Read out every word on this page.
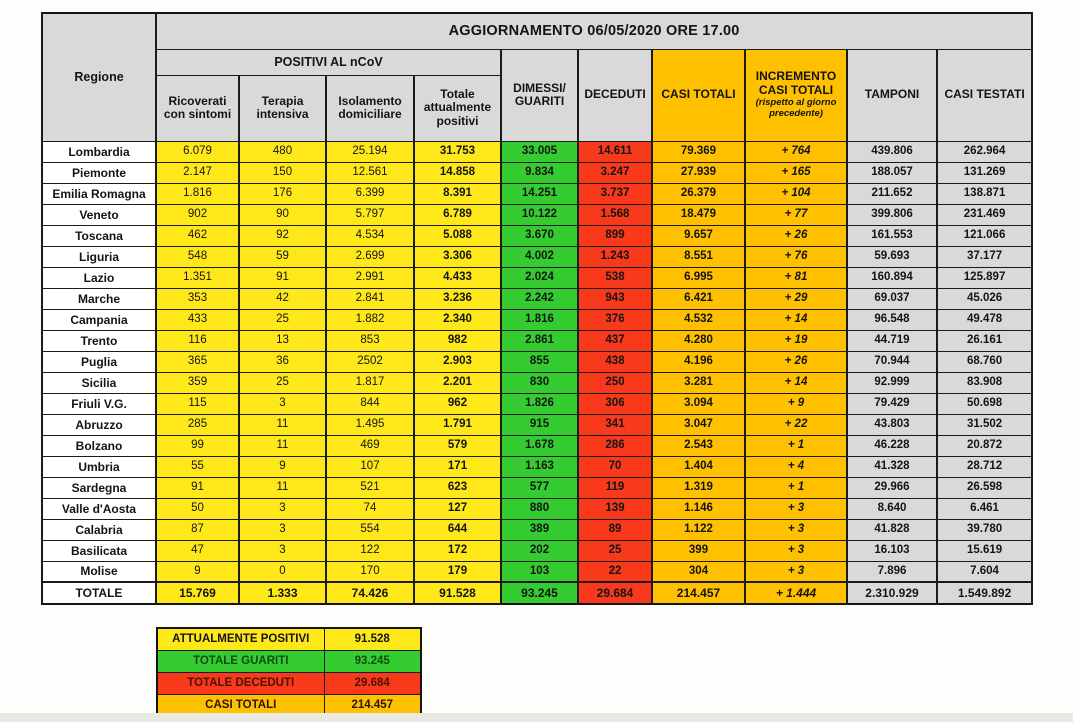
Regione	AGGIORNAMENTO 06/05/2020 ORE 17.00									
	POSITIVI AL nCoV				DIMESSI/ GUARITI	DECEDUTI	CASI TOTALI	INCREMENTO CASI TOTALI
(rispetto al giorno precedente)	TAMPONI	CASI TESTATI
	Ricoverati con sintomi	Terapia intensiva	Isolamento domiciliare	Totale attualmente positivi						
Lombardia	6.079	480	25.194	31.753	33.005	14.611	79.369	+ 764	439.806	262.964
Piemonte	2.147	150	12.561	14.858	9.834	3.247	27.939	+ 165	188.057	131.269
Emilia Romagna	1.816	176	6.399	8.391	14.251	3.737	26.379	+ 104	211.652	138.871
Veneto	902	90	5.797	6.789	10.122	1.568	18.479	+ 77	399.806	231.469
Toscana	462	92	4.534	5.088	3.670	899	9.657	+ 26	161.553	121.066
Liguria	548	59	2.699	3.306	4.002	1.243	8.551	+ 76	59.693	37.177
Lazio	1.351	91	2.991	4.433	2.024	538	6.995	+ 81	160.894	125.897
Marche	353	42	2.841	3.236	2.242	943	6.421	+ 29	69.037	45.026
Campania	433	25	1.882	2.340	1.816	376	4.532	+ 14	96.548	49.478
Trento	116	13	853	982	2.861	437	4.280	+ 19	44.719	26.161
Puglia	365	36	2502	2.903	855	438	4.196	+ 26	70.944	68.760
Sicilia	359	25	1.817	2.201	830	250	3.281	+ 14	92.999	83.908
Friuli V.G.	115	3	844	962	1.826	306	3.094	+ 9	79.429	50.698
Abruzzo	285	11	1.495	1.791	915	341	3.047	+ 22	43.803	31.502
Bolzano	99	11	469	579	1.678	286	2.543	+ 1	46.228	20.872
Umbria	55	9	107	171	1.163	70	1.404	+ 4	41.328	28.712
Sardegna	91	11	521	623	577	119	1.319	+ 1	29.966	26.598
Valle d'Aosta	50	3	74	127	880	139	1.146	+ 3	8.640	6.461
Calabria	87	3	554	644	389	89	1.122	+ 3	41.828	39.780
Basilicata	47	3	122	172	202	25	399	+ 3	16.103	15.619
Molise	9	0	170	179	103	22	304	+ 3	7.896	7.604
TOTALE	15.769	1.333	74.426	91.528	93.245	29.684	214.457	+ 1.444	2.310.929	1.549.892
ATTUALMENTE POSITIVI	91.528
TOTALE GUARITI	93.245
TOTALE DECEDUTI	29.684
CASI TOTALI	214.457
